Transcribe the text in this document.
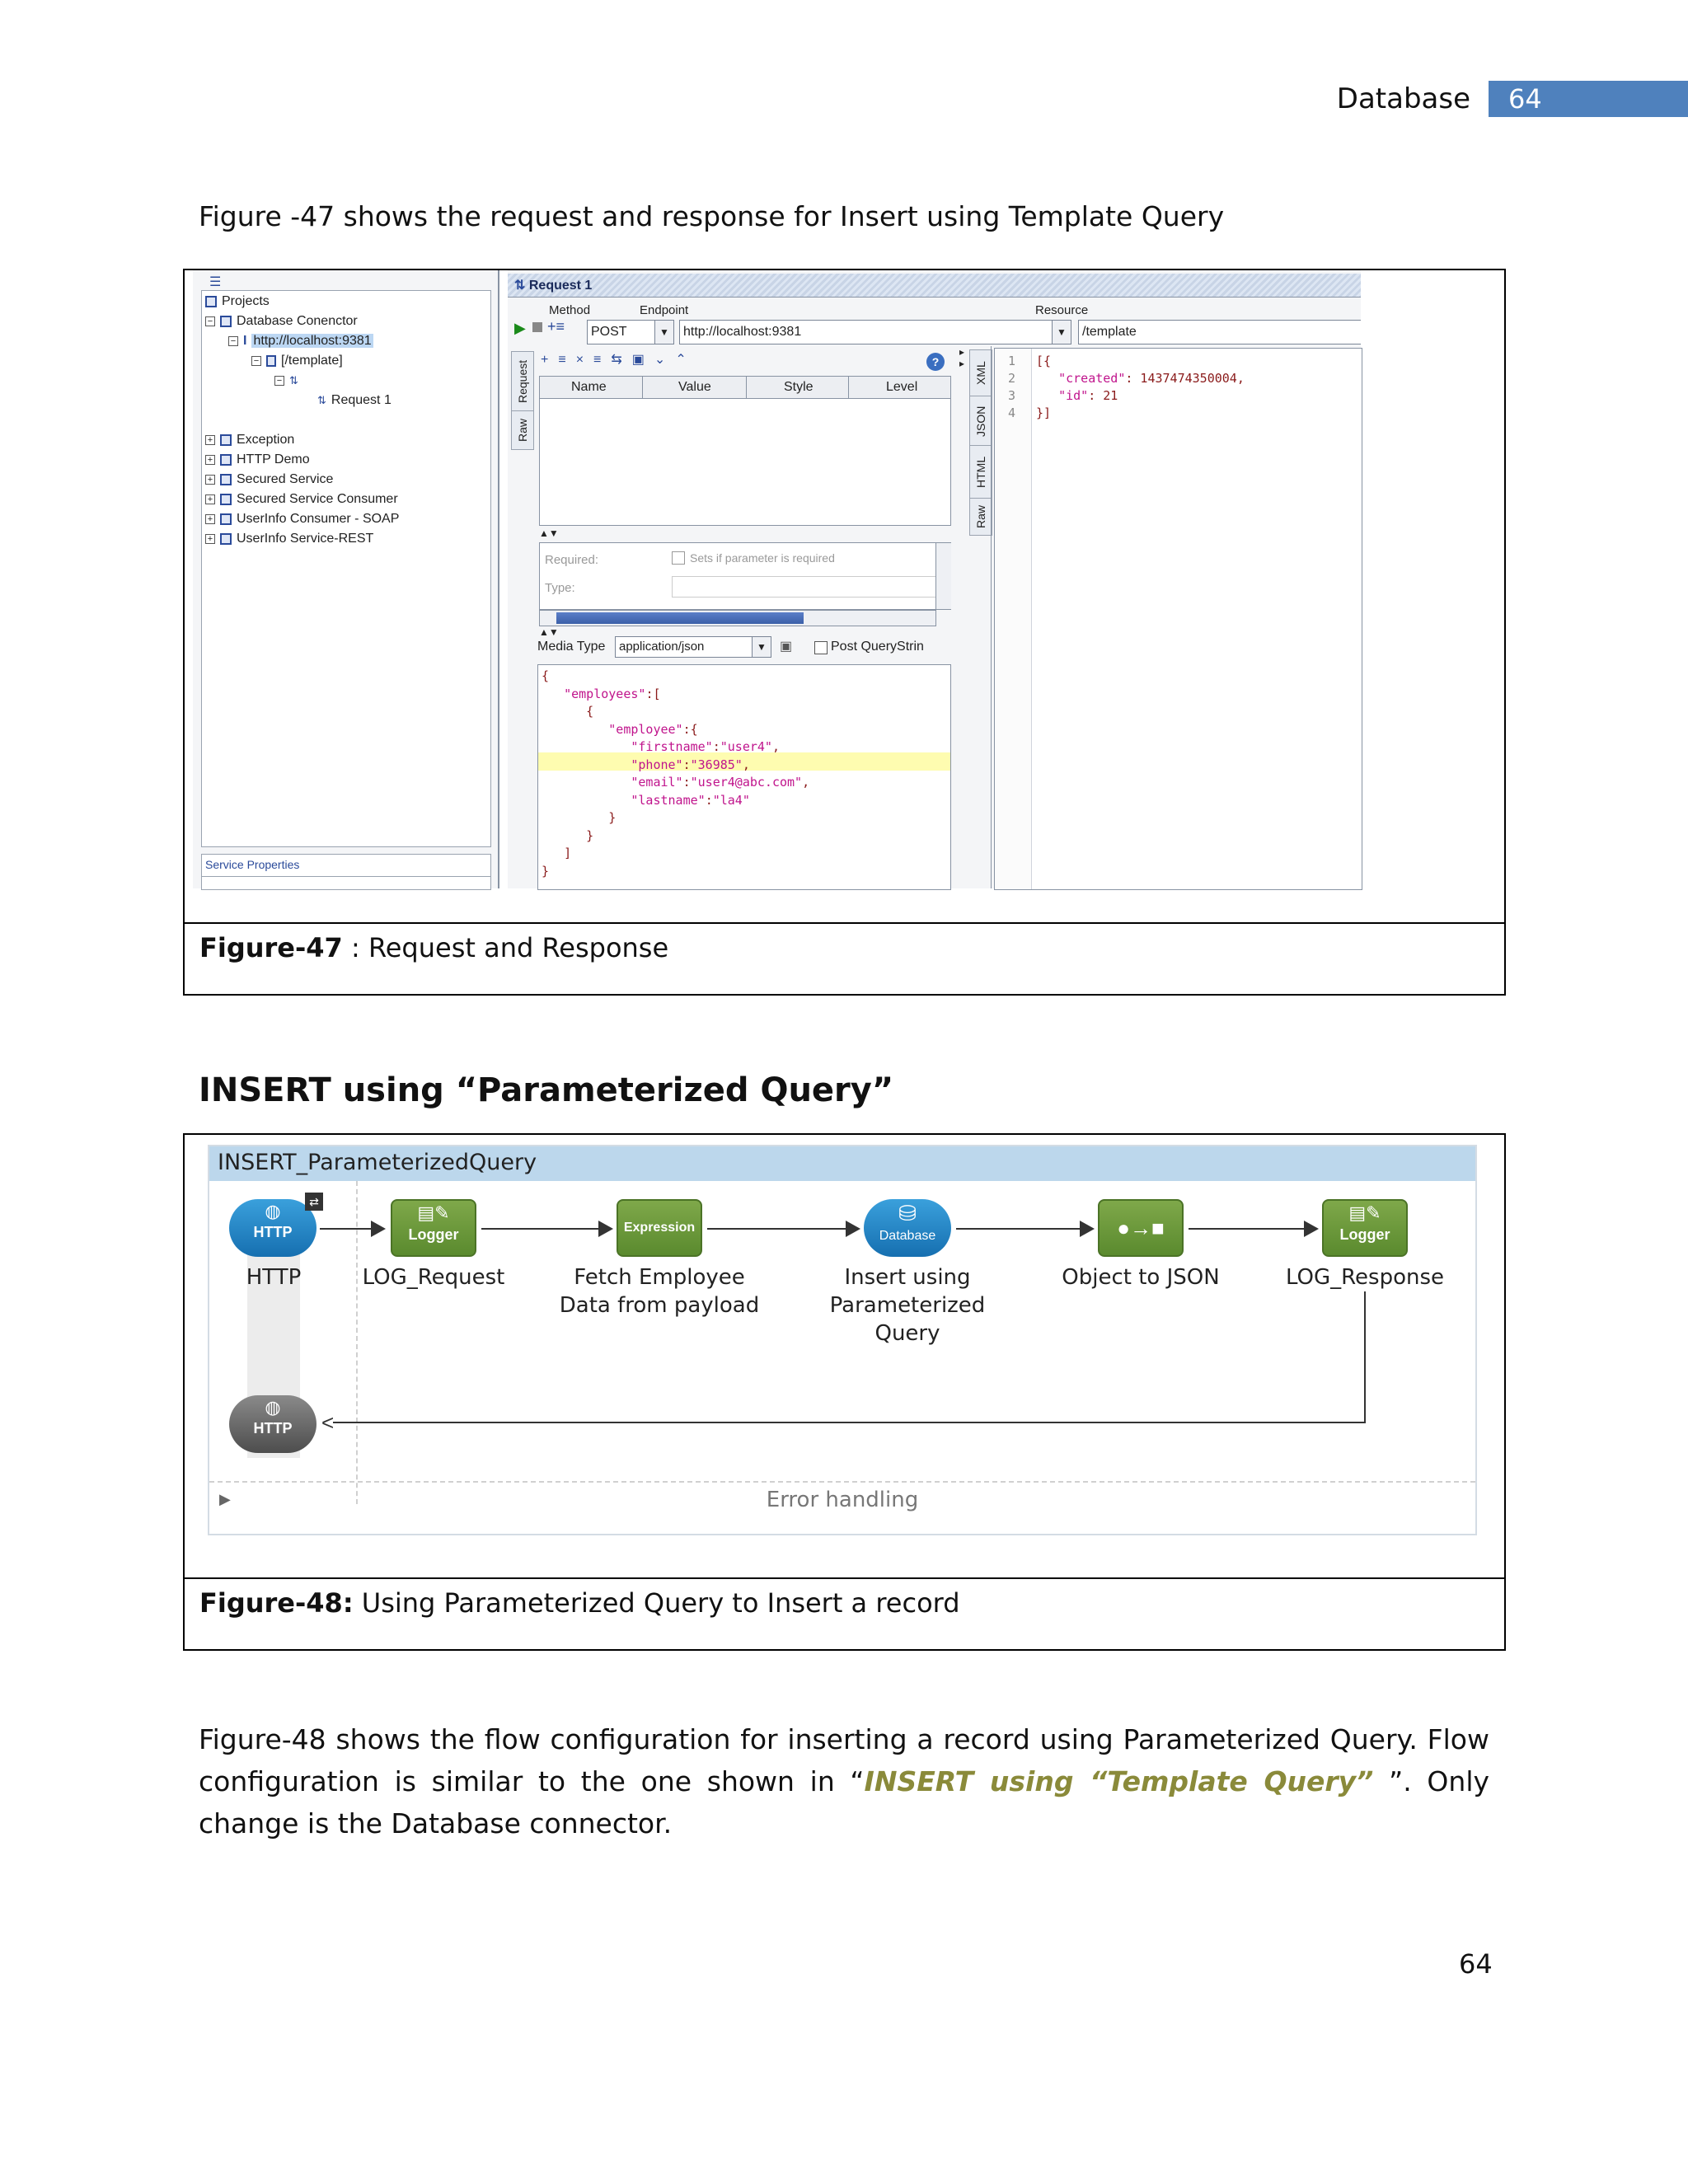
Database	64
Figure -47 shows the request and response for Insert using Template Query
☰
Projects
− Database Conenctor
− I http://localhost:9381
− [/template]
− ⇅
⇅ Request 1
+ Exception
+ HTTP Demo
+ Secured Service
+ Secured Service Consumer
+ UserInfo Consumer - SOAP
+ UserInfo Service-REST
Service Properties
⇅ Request 1
Method	Endpoint	Resource
▶ +≡	POST	▼	http://localhost:9381	▼	/template
Request
Raw
+≡×≡⇆▣⌄⌃	?
Name	Value	Style	Level
▲▼
Required:	Sets if parameter is required
Type:
▲▼
Media Type	application/json	▼	▣	Post QueryStrin
{
"employees":[
{
"employee":{
"firstname":"user4",
"phone":"36985",
"email":"user4@abc.com",
"lastname":"la4"
}
}
]
}
▸
▸ XML
JSON
HTML
Raw
1
2
3
4
[{
"created": 1437474350004,
"id": 21
}]
Figure-47 : Request and Response
INSERT using “Parameterized Query”
INSERT_ParameterizedQuery
◍
HTTP
⇄
▤✎
Logger	Expression
⛁
Database	●→■
▤✎
Logger
HTTP	LOG_Request	Fetch Employee
Data from payload
Insert using
Parameterized
Query
Object to JSON	LOG_Response
<
◍
HTTP
▶	Error handling
Figure-48: Using Parameterized Query to Insert a record
Figure-48 shows the flow configuration for inserting a record using Parameterized Query. Flow configuration is similar to the one shown in “INSERT using “Template Query” ”. Only change is the Database connector.
64
